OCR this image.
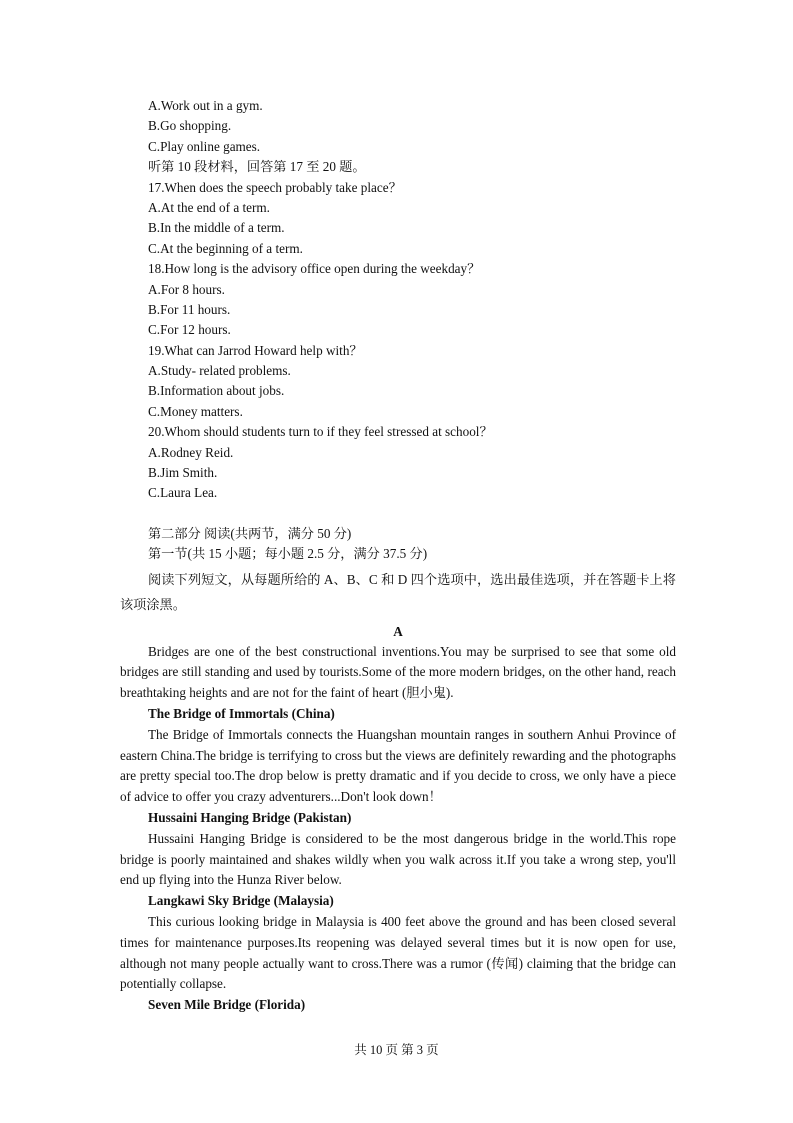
A.Work out in a gym.
B.Go shopping.
C.Play online games.
听第 10 段材料，回答第 17 至 20 题。
17.When does the speech probably take place？
A.At the end of a term.
B.In the middle of a term.
C.At the beginning of a term.
18.How long is the advisory office open during the weekday？
A.For 8 hours.
B.For 11 hours.
C.For 12 hours.
19.What can Jarrod Howard help with？
A.Study- related problems.
B.Information about jobs.
C.Money matters.
20.Whom should students turn to if they feel stressed at school？
A.Rodney Reid.
B.Jim Smith.
C.Laura Lea.
第二部分 阅读(共两节，满分 50 分)
第一节(共 15 小题；每小题 2.5 分，满分 37.5 分)

阅读下列短文，从每题所给的 A、B、C 和 D 四个选项中，选出最佳选项，并在答题卡上将该项涂黑。

A

Bridges are one of the best constructional inventions.You may be surprised to see that some old bridges are still standing and used by tourists.Some of the more modern bridges, on the other hand, reach breathtaking heights and are not for the faint of heart (胆小鬼).

The Bridge of Immortals (China)

The Bridge of Immortals connects the Huangshan mountain ranges in southern Anhui Province of eastern China.The bridge is terrifying to cross but the views are definitely rewarding and the photographs are pretty special too.The drop below is pretty dramatic and if you decide to cross, we only have a piece of advice to offer you crazy adventurers...Don't look down！

Hussaini Hanging Bridge (Pakistan)

Hussaini Hanging Bridge is considered to be the most dangerous bridge in the world.This rope bridge is poorly maintained and shakes wildly when you walk across it.If you take a wrong step, you'll end up flying into the Hunza River below.

Langkawi Sky Bridge (Malaysia)

This curious looking bridge in Malaysia is 400 feet above the ground and has been closed several times for maintenance purposes.Its reopening was delayed several times but it is now open for use, although not many people actually want to cross.There was a rumor (传闻) claiming that the bridge can potentially collapse.

Seven Mile Bridge (Florida)
共 10 页 第 3 页
